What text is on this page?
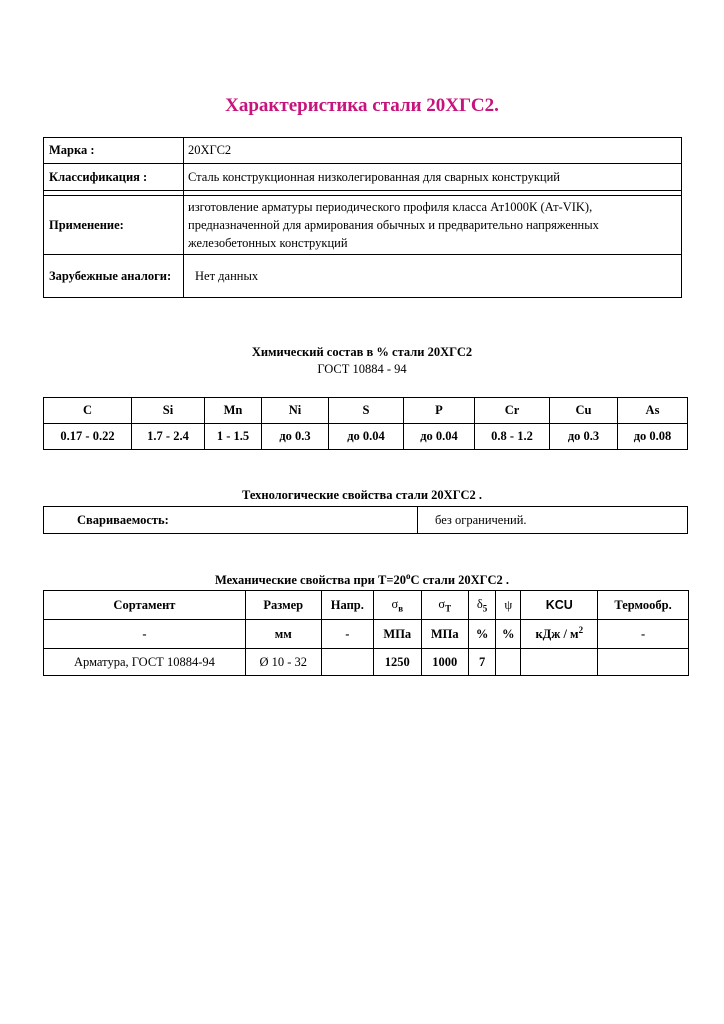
Характеристика стали 20ХГС2.
Марка :	20ХГС2
Классификация :	Сталь конструкционная низколегированная для сварных конструкций

Применение:	изготовление арматуры периодического профиля класса Ат1000К (Ат-VIK), предназначенной для армирования обычных и предварительно напряженных железобетонных конструкций
Зарубежные аналоги:	Нет данных
Химический состав в % стали 20ХГС2
ГОСТ 10884 - 94
C	Si	Mn	Ni	S	P	Cr	Cu	As
0.17 - 0.22	1.7 - 2.4	1 - 1.5	до 0.3	до 0.04	до 0.04	0.8 - 1.2	до 0.3	до 0.08
Технологические свойства стали 20ХГС2 .
Свариваемость:	без ограничений.
Механические свойства при $Т=20^oС$ стали 20ХГС2 .
Сортамент	Размер	Напр.	$\sigma_в$	$\sigma_T$	$\delta_5$	ψ	KCU	Термообр.
-	мм	-	МПа	МПа	%	%	кДж / $м^2$	-
Арматура, ГОСТ 10884-94	Ø 10 - 32		1250	1000	7			
